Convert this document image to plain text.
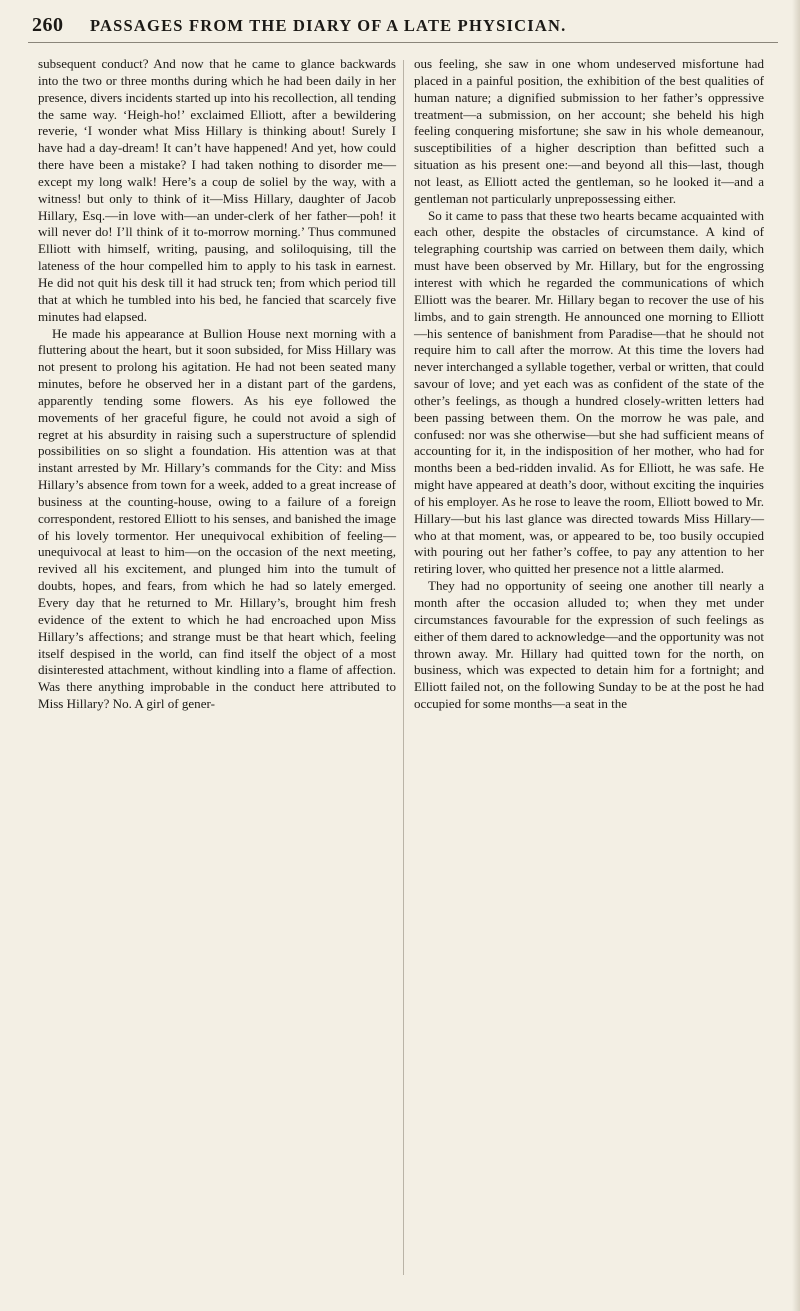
260 PASSAGES FROM THE DIARY OF A LATE PHYSICIAN.

subsequent conduct? And now that he came to glance backwards into the two or three months during which he had been daily in her presence, divers incidents started up into his recollection, all tending the same way. ‘Heigh-ho!’ exclaimed Elliott, after a bewildering reverie, ‘I wonder what Miss Hillary is thinking about! Surely I have had a day-dream! It can’t have happened! And yet, how could there have been a mistake? I had taken nothing to disorder me—except my long walk! Here’s a coup de soliel by the way, with a witness! but only to think of it—Miss Hillary, daughter of Jacob Hillary, Esq.—in love with—an under-clerk of her father—poh! it will never do! I’ll think of it to-morrow morning.’ Thus communed Elliott with himself, writing, pausing, and soliloquising, till the lateness of the hour compelled him to apply to his task in earnest. He did not quit his desk till it had struck ten; from which period till that at which he tumbled into his bed, he fancied that scarcely five minutes had elapsed.

He made his appearance at Bullion House next morning with a fluttering about the heart, but it soon subsided, for Miss Hillary was not present to prolong his agitation. He had not been seated many minutes, before he observed her in a distant part of the gardens, apparently tending some flowers. As his eye followed the movements of her graceful figure, he could not avoid a sigh of regret at his absurdity in raising such a superstructure of splendid possibilities on so slight a foundation. His attention was at that instant arrested by Mr. Hillary’s commands for the City: and Miss Hillary’s absence from town for a week, added to a great increase of business at the counting-house, owing to a failure of a foreign correspondent, restored Elliott to his senses, and banished the image of his lovely tormentor. Her unequivocal exhibition of feeling—unequivocal at least to him—on the occasion of the next meeting, revived all his excitement, and plunged him into the tumult of doubts, hopes, and fears, from which he had so lately emerged. Every day that he returned to Mr. Hillary’s, brought him fresh evidence of the extent to which he had encroached upon Miss Hillary’s affections; and strange must be that heart which, feeling itself despised in the world, can find itself the object of a most disinterested attachment, without kindling into a flame of affection. Was there anything improbable in the conduct here attributed to Miss Hillary? No. A girl of gener-

ous feeling, she saw in one whom undeserved misfortune had placed in a painful position, the exhibition of the best qualities of human nature; a dignified submission to her father’s oppressive treatment—a submission, on her account; she beheld his high feeling conquering misfortune; she saw in his whole demeanour, susceptibilities of a higher description than befitted such a situation as his present one:—and beyond all this—last, though not least, as Elliott acted the gentleman, so he looked it—and a gentleman not particularly unprepossessing either.

So it came to pass that these two hearts became acquainted with each other, despite the obstacles of circumstance. A kind of telegraphing courtship was carried on between them daily, which must have been observed by Mr. Hillary, but for the engrossing interest with which he regarded the communications of which Elliott was the bearer. Mr. Hillary began to recover the use of his limbs, and to gain strength. He announced one morning to Elliott—his sentence of banishment from Paradise—that he should not require him to call after the morrow. At this time the lovers had never interchanged a syllable together, verbal or written, that could savour of love; and yet each was as confident of the state of the other’s feelings, as though a hundred closely-written letters had been passing between them. On the morrow he was pale, and confused: nor was she otherwise—but she had sufficient means of accounting for it, in the indisposition of her mother, who had for months been a bed-ridden invalid. As for Elliott, he was safe. He might have appeared at death’s door, without exciting the inquiries of his employer. As he rose to leave the room, Elliott bowed to Mr. Hillary—but his last glance was directed towards Miss Hillary—who at that moment, was, or appeared to be, too busily occupied with pouring out her father’s coffee, to pay any attention to her retiring lover, who quitted her presence not a little alarmed.

They had no opportunity of seeing one another till nearly a month after the occasion alluded to; when they met under circumstances favourable for the expression of such feelings as either of them dared to acknowledge—and the opportunity was not thrown away. Mr. Hillary had quitted town for the north, on business, which was expected to detain him for a fortnight; and Elliott failed not, on the following Sunday to be at the post he had occupied for some months—a seat in the
